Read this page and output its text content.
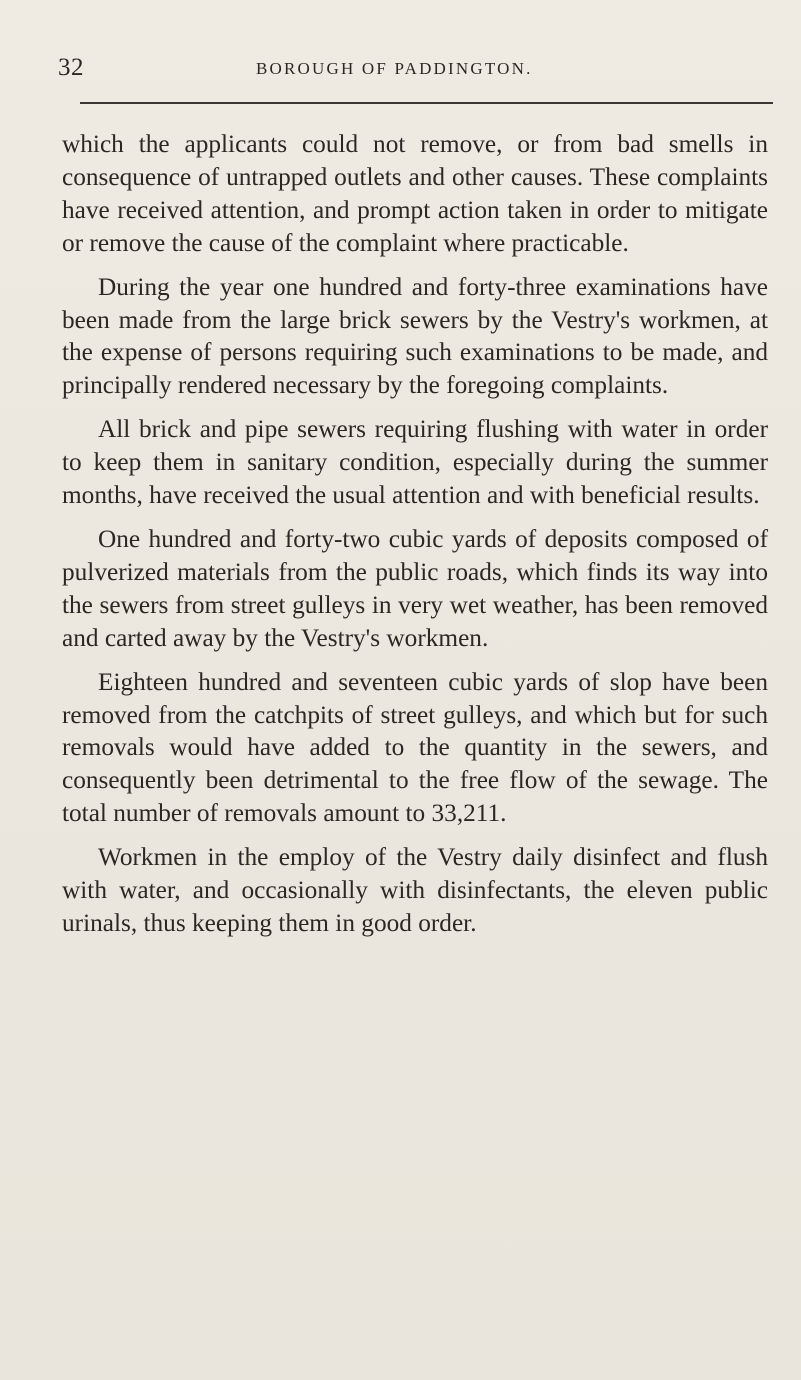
32	BOROUGH OF PADDINGTON.

which the applicants could not remove, or from bad smells in consequence of untrapped outlets and other causes. These complaints have received attention, and prompt action taken in order to mitigate or remove the cause of the complaint where practicable.

During the year one hundred and forty-three examinations have been made from the large brick sewers by the Vestry's workmen, at the expense of persons requiring such examinations to be made, and principally rendered necessary by the foregoing complaints.

All brick and pipe sewers requiring flushing with water in order to keep them in sanitary condition, especially during the summer months, have received the usual attention and with beneficial results.

One hundred and forty-two cubic yards of deposits composed of pulverized materials from the public roads, which finds its way into the sewers from street gulleys in very wet weather, has been removed and carted away by the Vestry's workmen.

Eighteen hundred and seventeen cubic yards of slop have been removed from the catchpits of street gulleys, and which but for such removals would have added to the quantity in the sewers, and consequently been detrimental to the free flow of the sewage. The total number of removals amount to 33,211.

Workmen in the employ of the Vestry daily disinfect and flush with water, and occasionally with disinfectants, the eleven public urinals, thus keeping them in good order.
